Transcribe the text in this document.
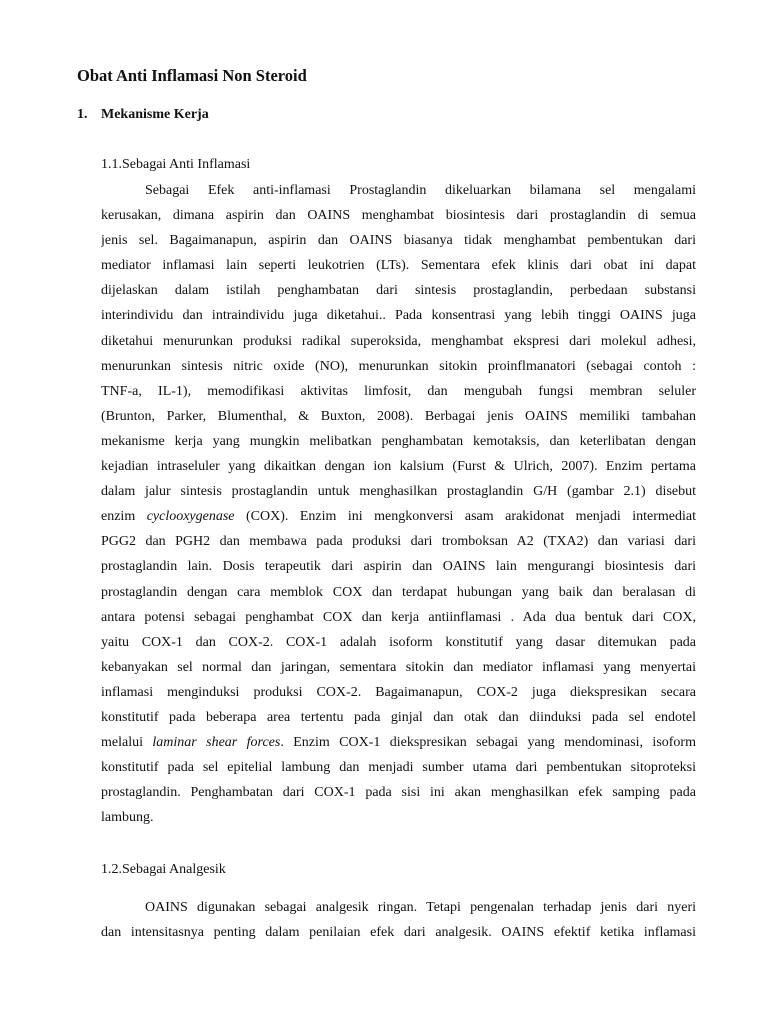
Obat Anti Inflamasi Non Steroid
1. Mekanisme Kerja
1.1.Sebagai Anti Inflamasi
Sebagai Efek anti-inflamasi Prostaglandin dikeluarkan bilamana sel mengalami
kerusakan, dimana aspirin dan OAINS menghambat biosintesis dari prostaglandin di semua
jenis sel. Bagaimanapun, aspirin dan OAINS biasanya tidak menghambat pembentukan dari
mediator inflamasi lain seperti leukotrien (LTs). Sementara efek klinis dari obat ini dapat
dijelaskan dalam istilah penghambatan dari sintesis prostaglandin, perbedaan substansi
interindividu dan intraindividu juga diketahui.. Pada konsentrasi yang lebih tinggi OAINS juga
diketahui menurunkan produksi radikal superoksida, menghambat ekspresi dari molekul adhesi,
menurunkan sintesis nitric oxide (NO), menurunkan sitokin proinflmanatori (sebagai contoh :
TNF-a, IL-1), memodifikasi aktivitas limfosit, dan mengubah fungsi membran seluler
(Brunton, Parker, Blumenthal, & Buxton, 2008). Berbagai jenis OAINS memiliki tambahan
mekanisme kerja yang mungkin melibatkan penghambatan kemotaksis, dan keterlibatan dengan
kejadian intraseluler yang dikaitkan dengan ion kalsium (Furst & Ulrich, 2007). Enzim pertama
dalam jalur sintesis prostaglandin untuk menghasilkan prostaglandin G/H (gambar 2.1) disebut
enzim cyclooxygenase (COX). Enzim ini mengkonversi asam arakidonat menjadi intermediat
PGG2 dan PGH2 dan membawa pada produksi dari tromboksan A2 (TXA2) dan variasi dari
prostaglandin lain. Dosis terapeutik dari aspirin dan OAINS lain mengurangi biosintesis dari
prostaglandin dengan cara memblok COX dan terdapat hubungan yang baik dan beralasan di
antara potensi sebagai penghambat COX dan kerja antiinflamasi . Ada dua bentuk dari COX,
yaitu COX-1 dan COX-2. COX-1 adalah isoform konstitutif yang dasar ditemukan pada
kebanyakan sel normal dan jaringan, sementara sitokin dan mediator inflamasi yang menyertai
inflamasi menginduksi produksi COX-2. Bagaimanapun, COX-2 juga diekspresikan secara
konstitutif pada beberapa area tertentu pada ginjal dan otak dan diinduksi pada sel endotel
melalui laminar shear forces. Enzim COX-1 diekspresikan sebagai yang mendominasi, isoform
konstitutif pada sel epitelial lambung dan menjadi sumber utama dari pembentukan sitoproteksi
prostaglandin. Penghambatan dari COX-1 pada sisi ini akan menghasilkan efek samping pada
lambung.
1.2.Sebagai Analgesik
OAINS digunakan sebagai analgesik ringan. Tetapi pengenalan terhadap jenis dari nyeri
dan intensitasnya penting dalam penilaian efek dari analgesik. OAINS efektif ketika inflamasi
